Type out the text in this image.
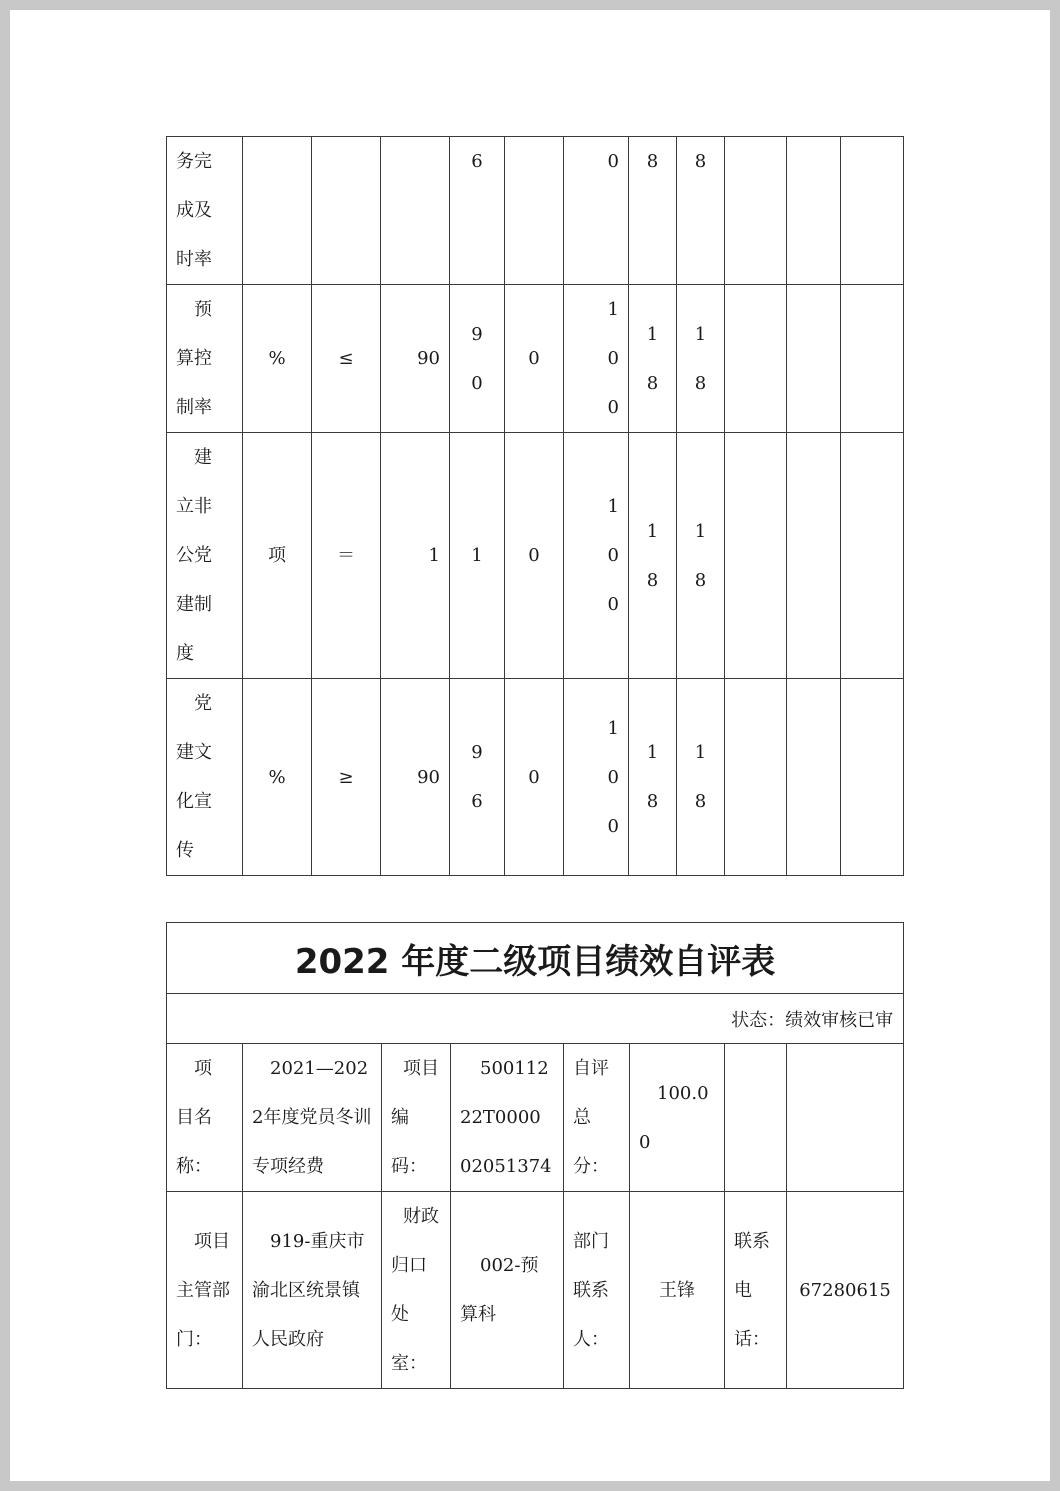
务完成及时率				6		0	8	8			

预算控制率	%	≤	90	90	0	100	18	18			

建立非公党建制度	项	＝	1	1	0	100	18	18			

党建文化宣传	%	≥	90	96	0	100	18	18			

2022 年度二级项目绩效自评表							
状态：绩效审核已审							

项目名称：	2021—2022年度党员冬训专项经费	项目编码：	50011222T000002051374	自评总分：	100.00		

项目主管部门：	919-重庆市渝北区统景镇人民政府	财政归口处室：	002-预算科	部门联系人：	王锋	联系电话：	67280615
